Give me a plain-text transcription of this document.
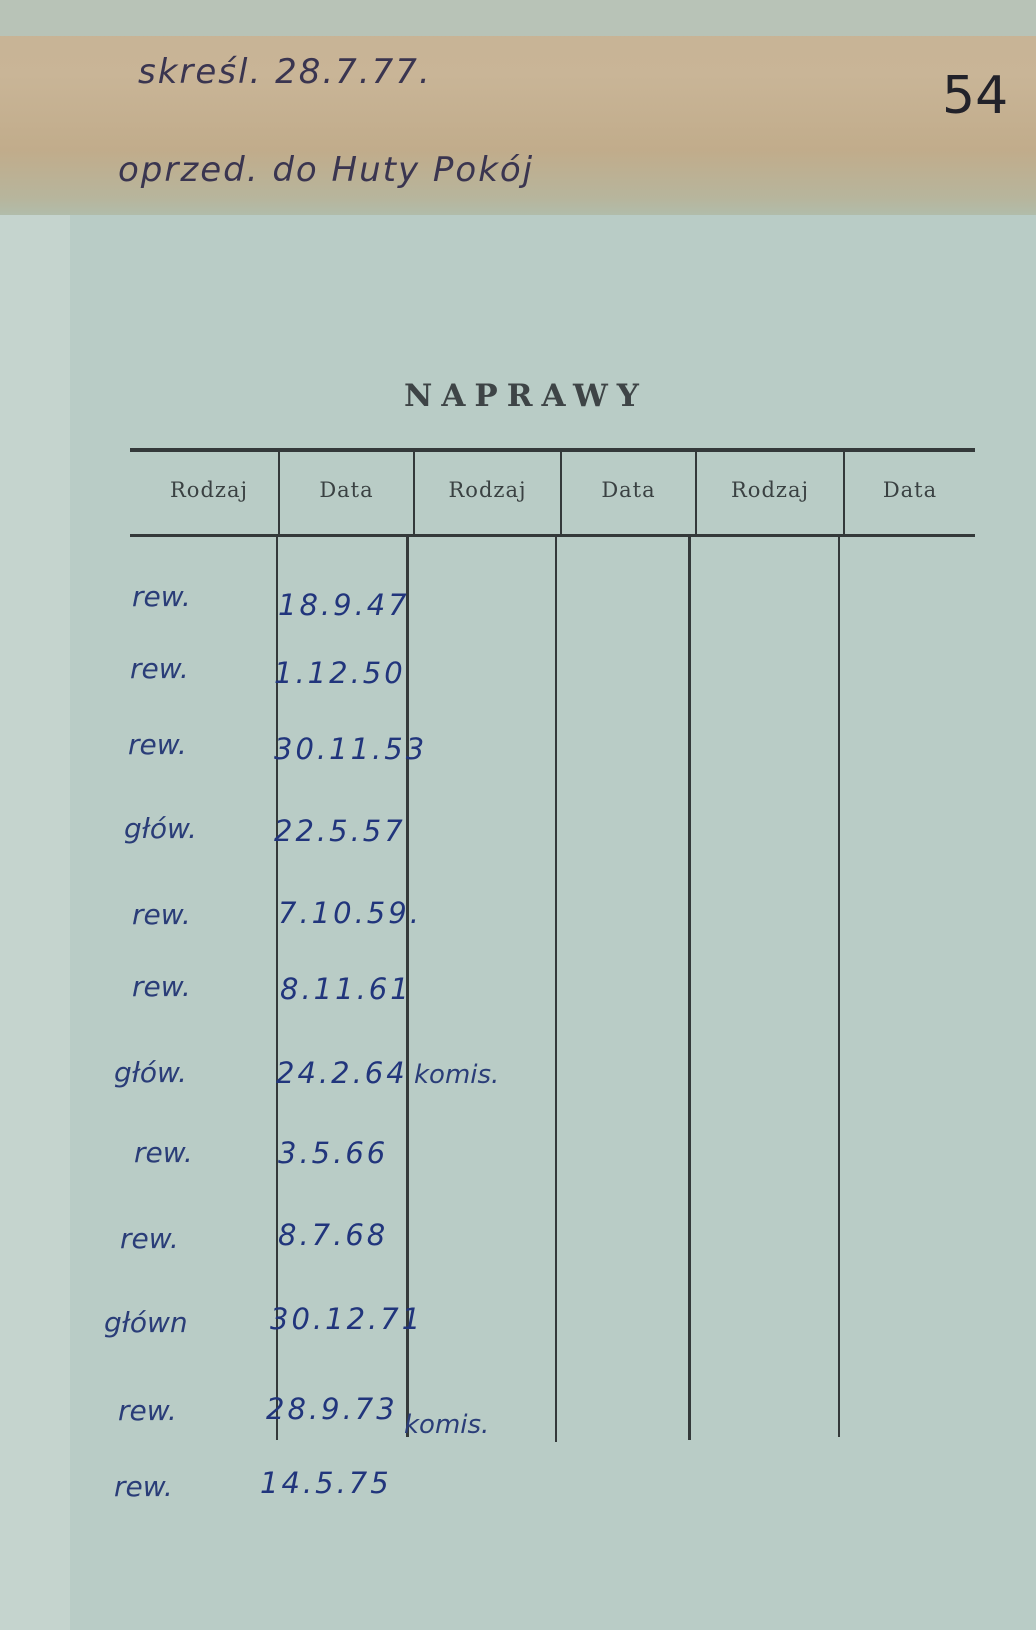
skreśl. 28.7.77.
oprzed. do Huty Pokój
54
NAPRAWY
Rodzaj	Data	Rodzaj	Data	Rodzaj	Data
rew.	18.9.47
rew.	1.12.50
rew.	30.11.53
głów.	22.5.57
rew.	7.10.59.
rew.	8.11.61
głów.	24.2.64 komis.
rew.	3.5.66
rew.	8.7.68
główn	30.12.71
rew.	28.9.73 komis.
rew.	14.5.75
